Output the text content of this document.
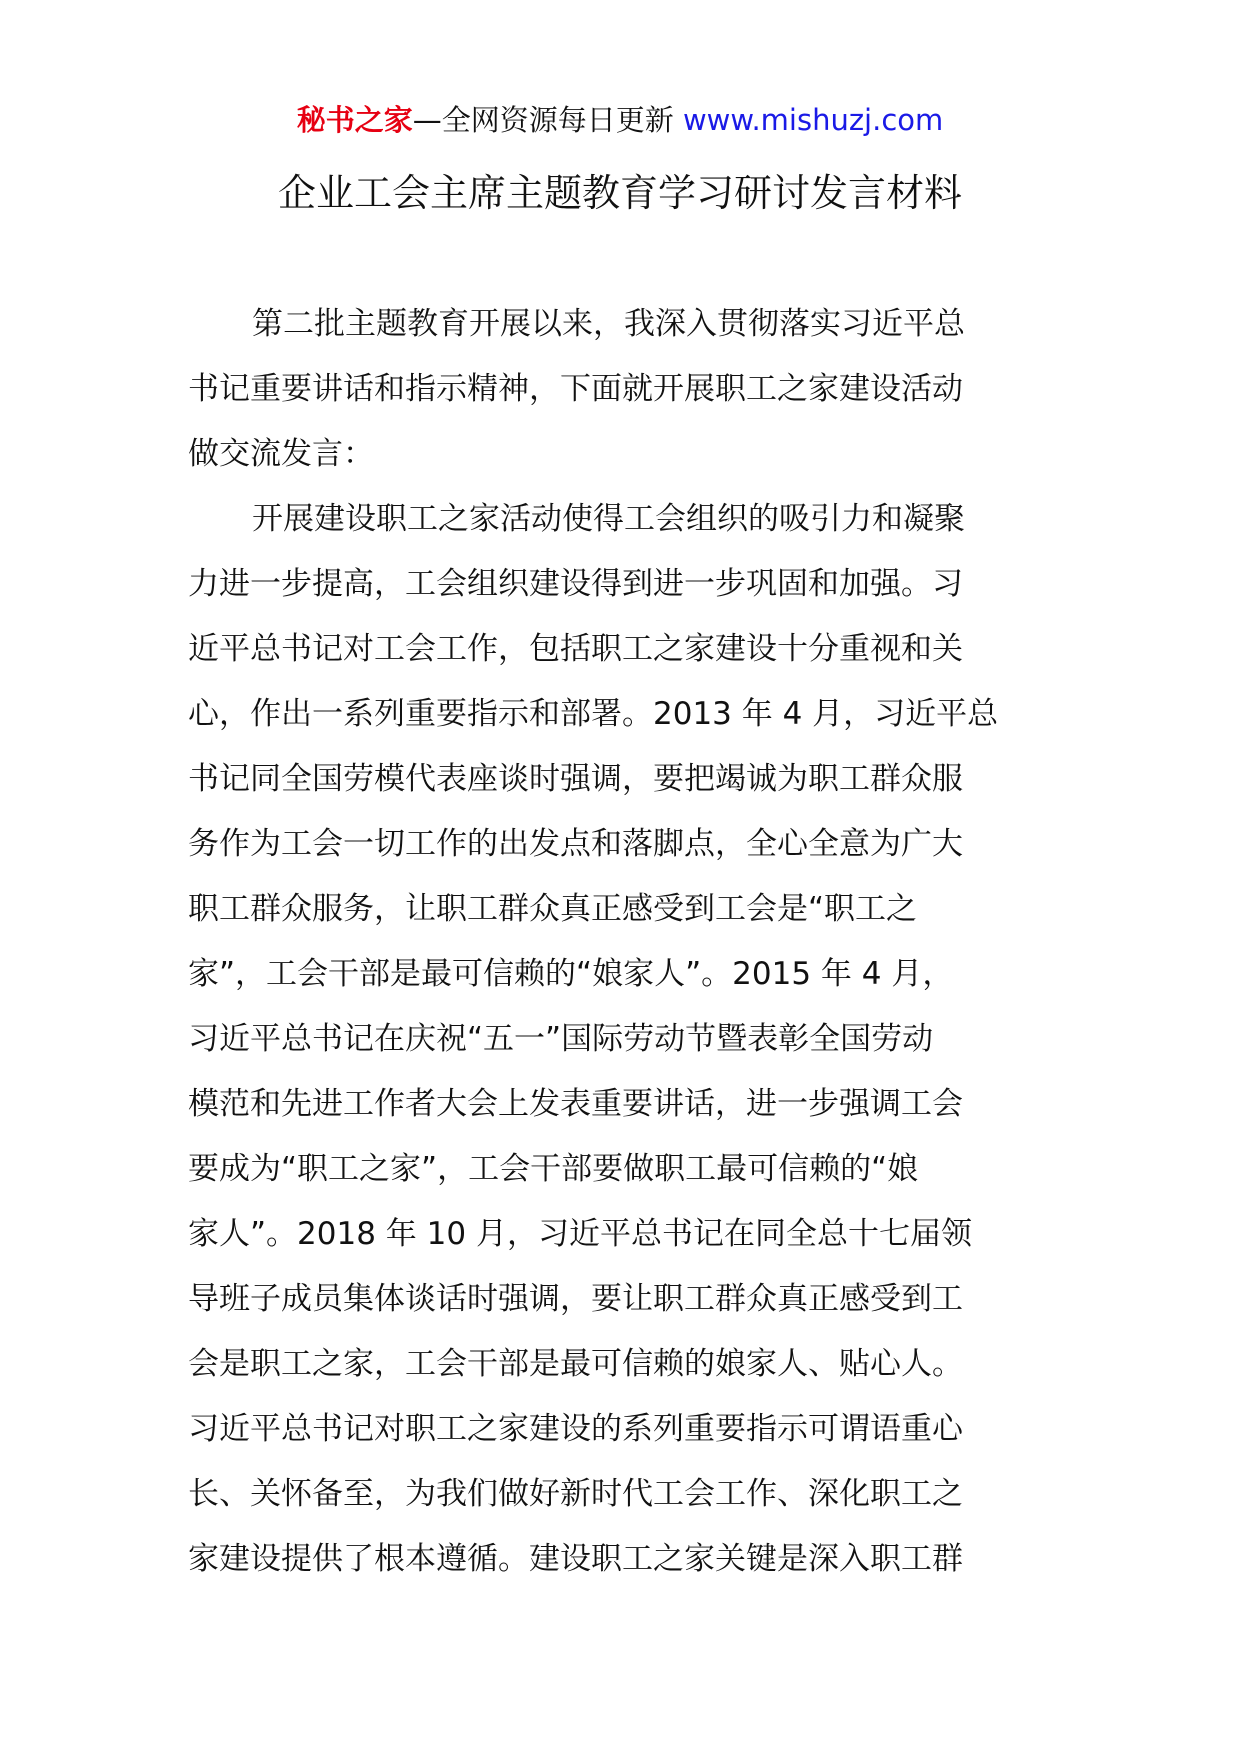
秘书之家—全网资源每日更新 www.mishuzj.com
企业工会主席主题教育学习研讨发言材料
第二批主题教育开展以来，我深入贯彻落实习近平总
书记重要讲话和指示精神，下面就开展职工之家建设活动
做交流发言：
开展建设职工之家活动使得工会组织的吸引力和凝聚
力进一步提高，工会组织建设得到进一步巩固和加强。习
近平总书记对工会工作，包括职工之家建设十分重视和关
心，作出一系列重要指示和部署。2013 年 4 月，习近平总
书记同全国劳模代表座谈时强调，要把竭诚为职工群众服
务作为工会一切工作的出发点和落脚点，全心全意为广大
职工群众服务，让职工群众真正感受到工会是“职工之
家”，工会干部是最可信赖的“娘家人”。2015 年 4 月，
习近平总书记在庆祝“五一”国际劳动节暨表彰全国劳动
模范和先进工作者大会上发表重要讲话，进一步强调工会
要成为“职工之家”，工会干部要做职工最可信赖的“娘
家人”。2018 年 10 月，习近平总书记在同全总十七届领
导班子成员集体谈话时强调，要让职工群众真正感受到工
会是职工之家，工会干部是最可信赖的娘家人、贴心人。
习近平总书记对职工之家建设的系列重要指示可谓语重心
长、关怀备至，为我们做好新时代工会工作、深化职工之
家建设提供了根本遵循。建设职工之家关键是深入职工群
